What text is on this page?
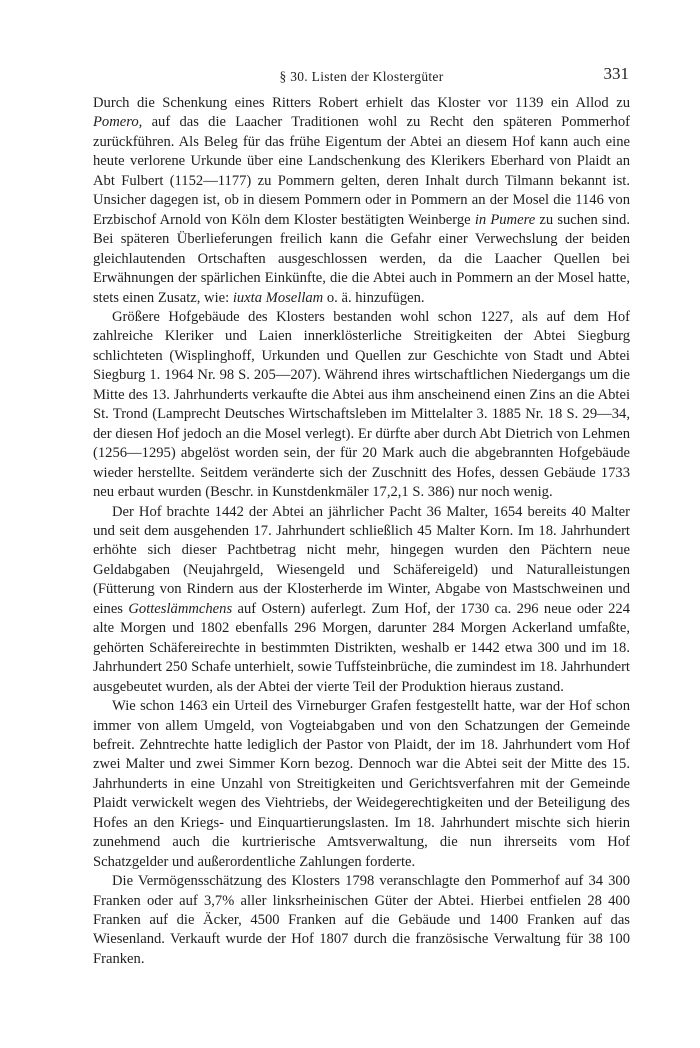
§ 30. Listen der Klostergüter	331

Durch die Schenkung eines Ritters Robert erhielt das Kloster vor 1139 ein Allod zu Pomero, auf das die Laacher Traditionen wohl zu Recht den späteren Pommerhof zurückführen. Als Beleg für das frühe Eigentum der Abtei an diesem Hof kann auch eine heute verlorene Urkunde über eine Landschenkung des Klerikers Eberhard von Plaidt an Abt Fulbert (1152—1177) zu Pommern gelten, deren Inhalt durch Tilmann bekannt ist. Unsicher dagegen ist, ob in diesem Pommern oder in Pommern an der Mosel die 1146 von Erzbischof Arnold von Köln dem Kloster bestätigten Weinberge in Pumere zu suchen sind. Bei späteren Überlieferungen freilich kann die Gefahr einer Verwechslung der beiden gleichlautenden Ortschaften ausgeschlossen werden, da die Laacher Quellen bei Erwähnungen der spärlichen Einkünfte, die die Abtei auch in Pommern an der Mosel hatte, stets einen Zusatz, wie: iuxta Mosellam o. ä. hinzufügen.

Größere Hofgebäude des Klosters bestanden wohl schon 1227, als auf dem Hof zahlreiche Kleriker und Laien innerklösterliche Streitigkeiten der Abtei Siegburg schlichteten (Wisplinghoff, Urkunden und Quellen zur Geschichte von Stadt und Abtei Siegburg 1. 1964 Nr. 98 S. 205—207). Während ihres wirtschaftlichen Niedergangs um die Mitte des 13. Jahrhunderts verkaufte die Abtei aus ihm anscheinend einen Zins an die Abtei St. Trond (Lamprecht Deutsches Wirtschaftsleben im Mittelalter 3. 1885 Nr. 18 S. 29—34, der diesen Hof jedoch an die Mosel verlegt). Er dürfte aber durch Abt Dietrich von Lehmen (1256—1295) abgelöst worden sein, der für 20 Mark auch die abgebrannten Hofgebäude wieder herstellte. Seitdem veränderte sich der Zuschnitt des Hofes, dessen Gebäude 1733 neu erbaut wurden (Beschr. in Kunstdenkmäler 17,2,1 S. 386) nur noch wenig.

Der Hof brachte 1442 der Abtei an jährlicher Pacht 36 Malter, 1654 bereits 40 Malter und seit dem ausgehenden 17. Jahrhundert schließlich 45 Malter Korn. Im 18. Jahrhundert erhöhte sich dieser Pachtbetrag nicht mehr, hingegen wurden den Pächtern neue Geldabgaben (Neujahrgeld, Wiesengeld und Schäfereigeld) und Naturalleistungen (Fütterung von Rindern aus der Klosterherde im Winter, Abgabe von Mastschweinen und eines Gotteslämmchens auf Ostern) auferlegt. Zum Hof, der 1730 ca. 296 neue oder 224 alte Morgen und 1802 ebenfalls 296 Morgen, darunter 284 Morgen Ackerland umfaßte, gehörten Schäfereirechte in bestimmten Distrikten, weshalb er 1442 etwa 300 und im 18. Jahrhundert 250 Schafe unterhielt, sowie Tuffsteinbrüche, die zumindest im 18. Jahrhundert ausgebeutet wurden, als der Abtei der vierte Teil der Produktion hieraus zustand.

Wie schon 1463 ein Urteil des Virneburger Grafen festgestellt hatte, war der Hof schon immer von allem Umgeld, von Vogteiabgaben und von den Schatzungen der Gemeinde befreit. Zehntrechte hatte lediglich der Pastor von Plaidt, der im 18. Jahrhundert vom Hof zwei Malter und zwei Simmer Korn bezog. Dennoch war die Abtei seit der Mitte des 15. Jahrhunderts in eine Unzahl von Streitigkeiten und Gerichtsverfahren mit der Gemeinde Plaidt verwickelt wegen des Viehtriebs, der Weidegerechtigkeiten und der Beteiligung des Hofes an den Kriegs- und Einquartierungslasten. Im 18. Jahrhundert mischte sich hierin zunehmend auch die kurtrierische Amtsverwaltung, die nun ihrerseits vom Hof Schatzgelder und außerordentliche Zahlungen forderte.

Die Vermögensschätzung des Klosters 1798 veranschlagte den Pommerhof auf 34 300 Franken oder auf 3,7% aller linksrheinischen Güter der Abtei. Hierbei entfielen 28 400 Franken auf die Äcker, 4500 Franken auf die Gebäude und 1400 Franken auf das Wiesenland. Verkauft wurde der Hof 1807 durch die französische Verwaltung für 38 100 Franken.
